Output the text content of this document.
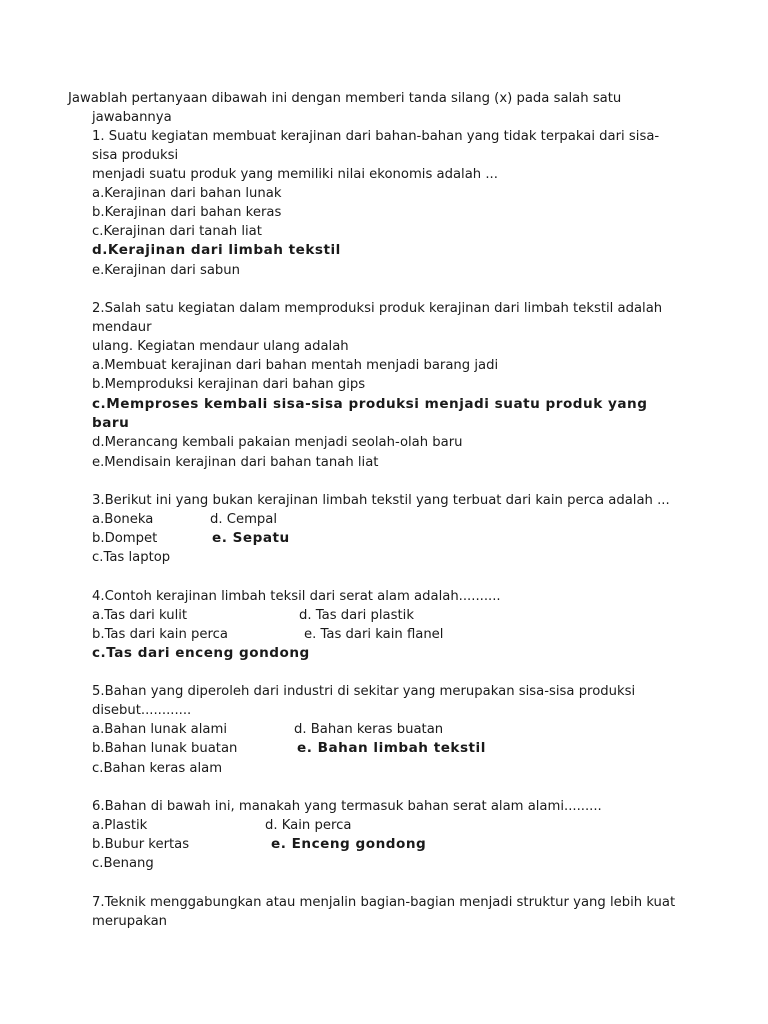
Jawablah pertanyaan dibawah ini dengan memberi tanda silang (x) pada salah satu
jawabannya
1. Suatu kegiatan membuat kerajinan dari bahan-bahan yang tidak terpakai dari sisa-
sisa produksi
menjadi suatu produk yang memiliki nilai ekonomis adalah ...
a.Kerajinan dari bahan lunak
b.Kerajinan dari bahan keras
c.Kerajinan dari tanah liat
d.Kerajinan dari limbah tekstil
e.Kerajinan dari sabun
2.Salah satu kegiatan dalam memproduksi produk kerajinan dari limbah tekstil adalah
mendaur
ulang. Kegiatan mendaur ulang adalah
a.Membuat kerajinan dari bahan mentah menjadi barang jadi
b.Memproduksi kerajinan dari bahan gips
c.Memproses kembali sisa-sisa produksi menjadi suatu produk yang
baru
d.Merancang kembali pakaian menjadi seolah-olah baru
e.Mendisain kerajinan dari bahan tanah liat
3.Berikut ini yang bukan kerajinan limbah tekstil yang terbuat dari kain perca adalah ...
a.Boneka	d. Cempal
b.Dompet	e. Sepatu
c.Tas laptop
4.Contoh kerajinan limbah teksil dari serat alam adalah..........
a.Tas dari kulit	d. Tas dari plastik
b.Tas dari kain perca	e. Tas dari kain flanel
c.Tas dari enceng gondong
5.Bahan yang diperoleh dari industri di sekitar yang merupakan sisa-sisa produksi
disebut............
a.Bahan lunak alami	d. Bahan keras buatan
b.Bahan lunak buatan	e. Bahan limbah tekstil
c.Bahan keras alam
6.Bahan di bawah ini, manakah yang termasuk bahan serat alam alami.........
a.Plastik	d. Kain perca
b.Bubur kertas	e. Enceng gondong
c.Benang
7.Teknik menggabungkan atau menjalin bagian-bagian menjadi struktur yang lebih kuat
merupakan
